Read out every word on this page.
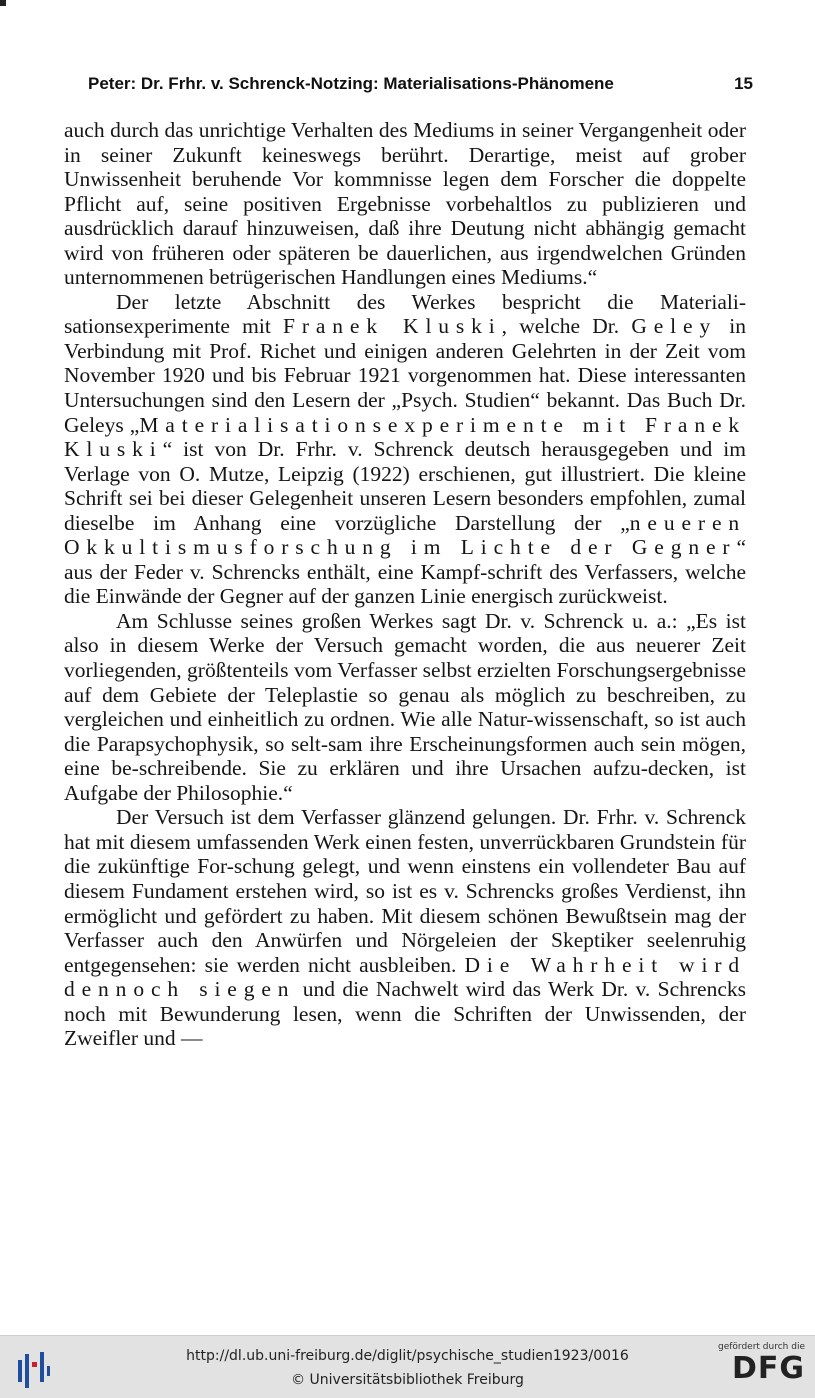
Peter: Dr. Frhr. v. Schrenck-Notzing: Materialisations-Phänomene	15

auch durch das unrichtige Verhalten des Mediums in seiner Vergangenheit oder in seiner Zukunft keineswegs berührt. Derartige, meist auf grober Unwissenheit beruhende Vor kommnisse legen dem Forscher die doppelte Pflicht auf, seine positiven Ergebnisse vorbehaltlos zu publizieren und ausdrücklich darauf hinzuweisen, daß ihre Deutung nicht abhängig gemacht wird von früheren oder späteren be dauerlichen, aus irgendwelchen Gründen unternommenen betrügerischen Handlungen eines Mediums.“

Der letzte Abschnitt des Werkes bespricht die Materiali-sationsexperimente mit Franek Kluski, welche Dr. Geley in Verbindung mit Prof. Richet und einigen anderen Gelehrten in der Zeit vom November 1920 und bis Februar 1921 vorgenommen hat. Diese interessanten Untersuchungen sind den Lesern der „Psych. Studien“ bekannt. Das Buch Dr. Geleys „Materialisationsexperimente mit Franek Kluski“ ist von Dr. Frhr. v. Schrenck deutsch herausgegeben und im Verlage von O. Mutze, Leipzig (1922) erschienen, gut illustriert. Die kleine Schrift sei bei dieser Gelegenheit unseren Lesern besonders empfohlen, zumal dieselbe im Anhang eine vorzügliche Darstellung der „neueren Okkultismusforschung im Lichte der Gegner“ aus der Feder v. Schrencks enthält, eine Kampf-schrift des Verfassers, welche die Einwände der Gegner auf der ganzen Linie energisch zurückweist.

Am Schlusse seines großen Werkes sagt Dr. v. Schrenck u. a.: „Es ist also in diesem Werke der Versuch gemacht worden, die aus neuerer Zeit vorliegenden, größtenteils vom Verfasser selbst erzielten Forschungsergebnisse auf dem Gebiete der Teleplastie so genau als möglich zu beschreiben, zu vergleichen und einheitlich zu ordnen. Wie alle Natur-wissenschaft, so ist auch die Parapsychophysik, so selt-sam ihre Erscheinungsformen auch sein mögen, eine be-schreibende. Sie zu erklären und ihre Ursachen aufzu-decken, ist Aufgabe der Philosophie.“

Der Versuch ist dem Verfasser glänzend gelungen. Dr. Frhr. v. Schrenck hat mit diesem umfassenden Werk einen festen, unverrückbaren Grundstein für die zukünftige For-schung gelegt, und wenn einstens ein vollendeter Bau auf diesem Fundament erstehen wird, so ist es v. Schrencks großes Verdienst, ihn ermöglicht und gefördert zu haben. Mit diesem schönen Bewußtsein mag der Verfasser auch den Anwürfen und Nörgeleien der Skeptiker seelenruhig entgegensehen: sie werden nicht ausbleiben. Die Wahrheit wird dennoch siegen und die Nachwelt wird das Werk Dr. v. Schrencks noch mit Bewunderung lesen, wenn die Schriften der Unwissenden, der Zweifler und —

http://dl.ub.uni-freiburg.de/diglit/psychische_studien1923/0016
© Universitätsbibliothek Freiburg
gefördert durch die
DFG
